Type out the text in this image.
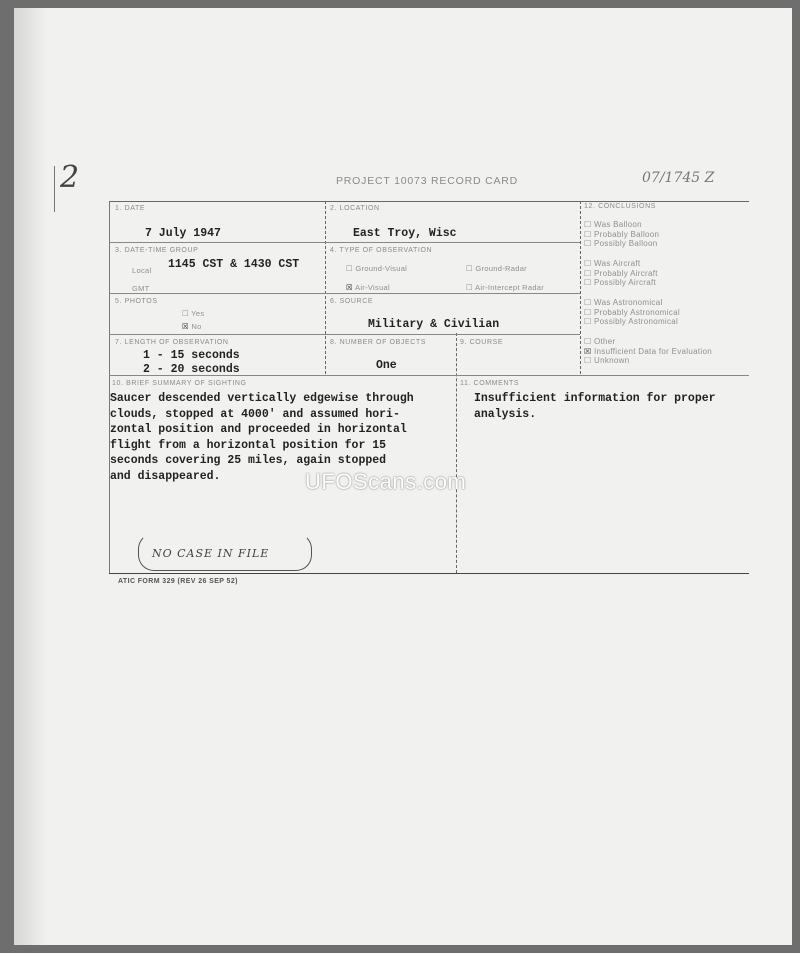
2	PROJECT 10073 RECORD CARD	07/1745 Z
1. DATE
7 July 1947
2. LOCATION
East Troy, Wisc
3. DATE-TIME GROUP
Local
GMT
1145 CST & 1430 CST
4. TYPE OF OBSERVATION
☐ Ground-Visual
☒ Air-Visual
☐ Ground-Radar
☐ Air-Intercept Radar
5. PHOTOS
☐ Yes
☒ No
6. SOURCE
Military & Civilian
7. LENGTH OF OBSERVATION
1 - 15 seconds
2 - 20 seconds
8. NUMBER OF OBJECTS
One
9. COURSE
12. CONCLUSIONS
☐ Was Balloon
☐ Probably Balloon
☐ Possibly Balloon
☐ Was Aircraft
☐ Probably Aircraft
☐ Possibly Aircraft
☐ Was Astronomical
☐ Probably Astronomical
☐ Possibly Astronomical
☐ Other
☒ Insufficient Data for Evaluation
☐ Unknown
10. BRIEF SUMMARY OF SIGHTING
Saucer descended vertically edgewise through
clouds, stopped at 4000' and assumed hori-
zontal position and proceeded in horizontal
flight from a horizontal position for 15
seconds covering 25 miles, again stopped
and disappeared.
11. COMMENTS
Insufficient information for proper
analysis.
NO CASE IN FILE
UFOScans.com
ATIC FORM 329 (REV 26 SEP 52)
